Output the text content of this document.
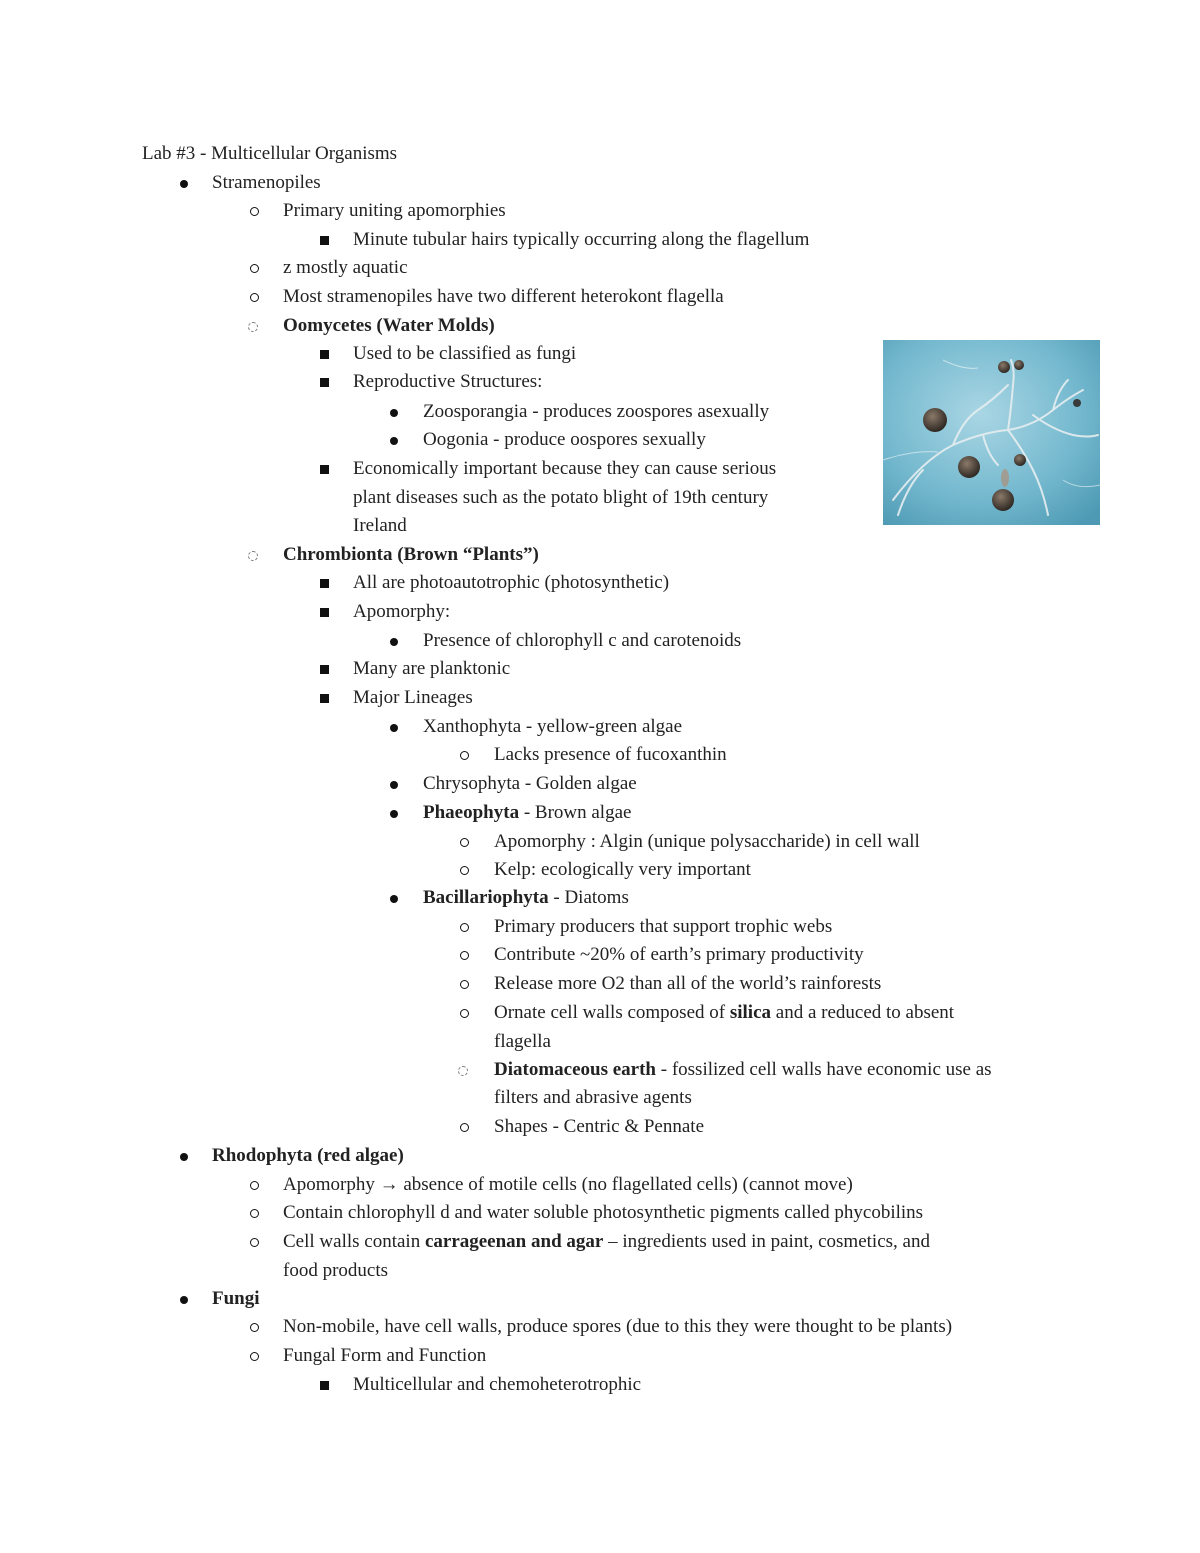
Lab #3 - Multicellular Organisms
Stramenopiles
Primary uniting apomorphies
Minute tubular hairs typically occurring along the flagellum
z mostly aquatic
Most stramenopiles have two different heterokont flagella
Oomycetes (Water Molds)
Used to be classified as fungi
Reproductive Structures:
Zoosporangia - produces zoospores asexually
Oogonia - produce oospores sexually
Economically important because they can cause serious
plant diseases such as the potato blight of 19th century
Ireland
Chrombionta (Brown “Plants”)
All are photoautotrophic (photosynthetic)
Apomorphy:
Presence of chlorophyll c and carotenoids
Many are planktonic
Major Lineages
Xanthophyta - yellow-green algae
Lacks presence of fucoxanthin
Chrysophyta - Golden algae
Phaeophyta - Brown algae
Apomorphy : Algin (unique polysaccharide) in cell wall
Kelp: ecologically very important
Bacillariophyta - Diatoms
Primary producers that support trophic webs
Contribute ~20% of earth’s primary productivity
Release more O2 than all of the world’s rainforests
Ornate cell walls composed of silica and a reduced to absent
flagella
Diatomaceous earth - fossilized cell walls have economic use as
filters and abrasive agents
Shapes - Centric & Pennate
Rhodophyta (red algae)
Apomorphy → absence of motile cells (no flagellated cells) (cannot move)
Contain chlorophyll d and water soluble photosynthetic pigments called phycobilins
Cell walls contain carrageenan and agar – ingredients used in paint, cosmetics, and
food products
Fungi
Non-mobile, have cell walls, produce spores (due to this they were thought to be plants)
Fungal Form and Function
Multicellular and chemoheterotrophic
